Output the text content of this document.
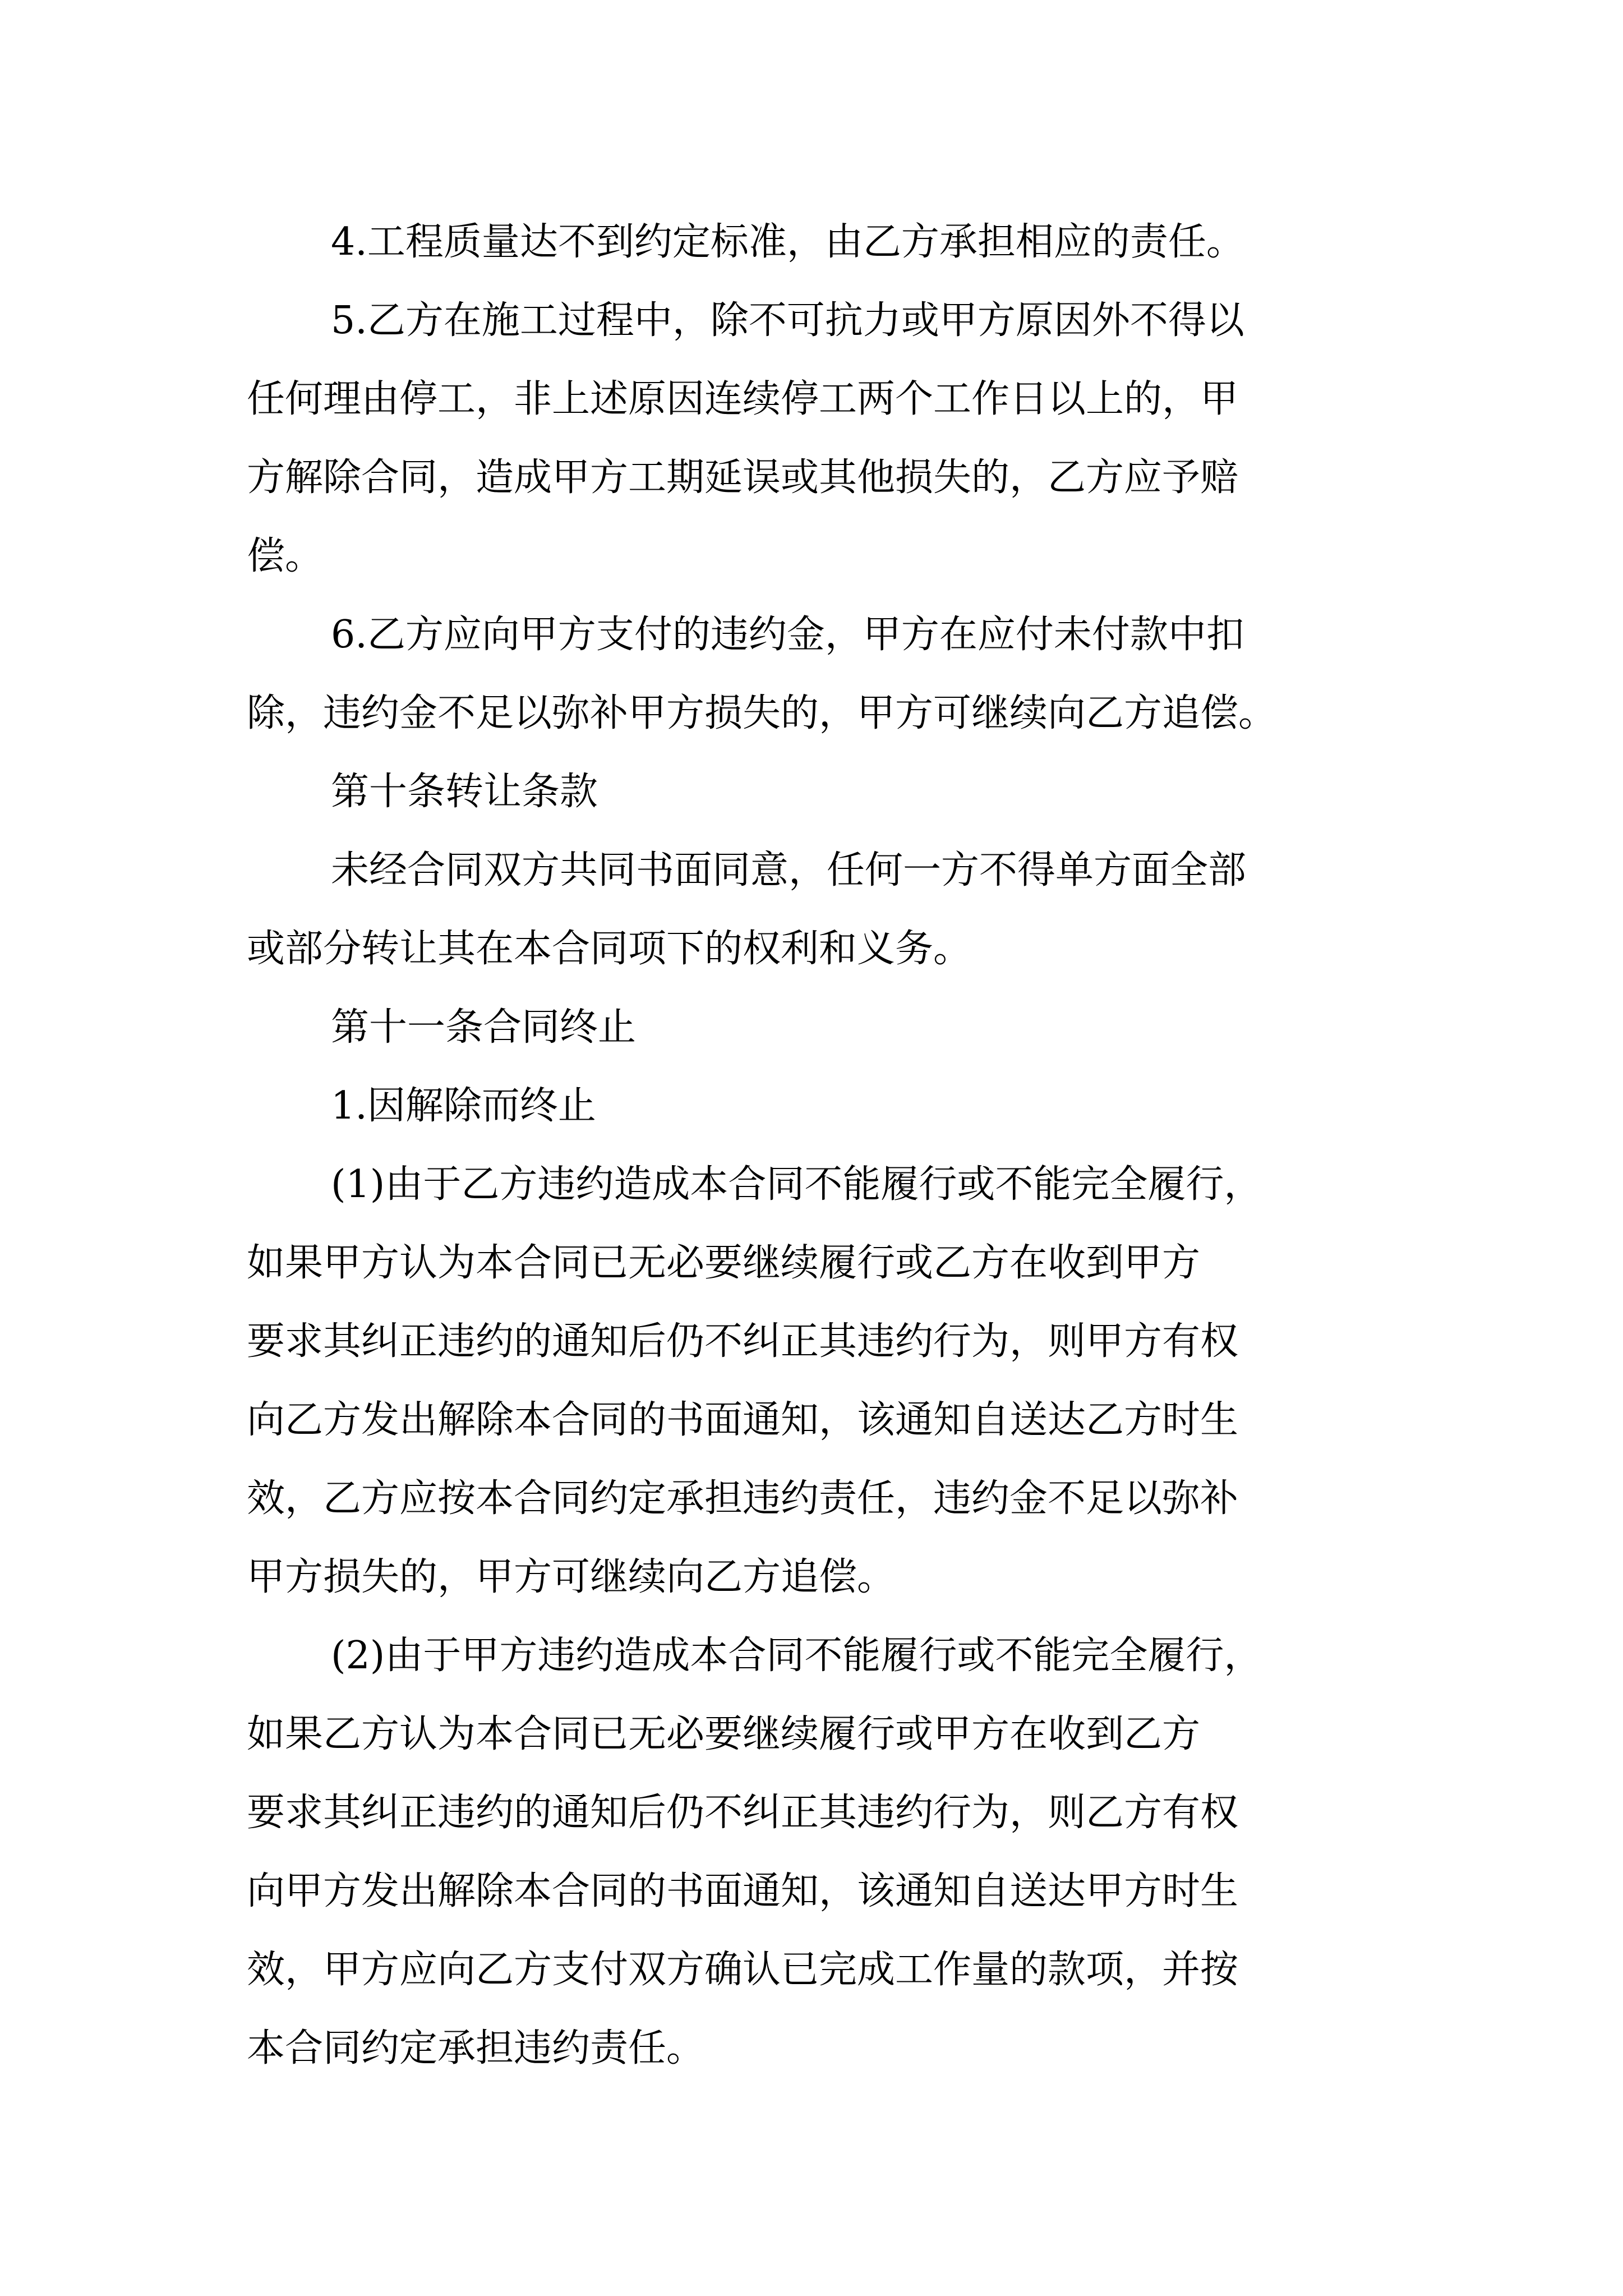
4.工程质量达不到约定标准，由乙方承担相应的责任。

5.乙方在施工过程中，除不可抗力或甲方原因外不得以

任何理由停工，非上述原因连续停工两个工作日以上的，甲

方解除合同，造成甲方工期延误或其他损失的，乙方应予赔

偿。

6.乙方应向甲方支付的违约金，甲方在应付未付款中扣

除，违约金不足以弥补甲方损失的，甲方可继续向乙方追偿。

第十条转让条款

未经合同双方共同书面同意，任何一方不得单方面全部

或部分转让其在本合同项下的权利和义务。

第十一条合同终止

1.因解除而终止

(1)由于乙方违约造成本合同不能履行或不能完全履行，

如果甲方认为本合同已无必要继续履行或乙方在收到甲方

要求其纠正违约的通知后仍不纠正其违约行为，则甲方有权

向乙方发出解除本合同的书面通知，该通知自送达乙方时生

效，乙方应按本合同约定承担违约责任，违约金不足以弥补

甲方损失的，甲方可继续向乙方追偿。

(2)由于甲方违约造成本合同不能履行或不能完全履行，

如果乙方认为本合同已无必要继续履行或甲方在收到乙方

要求其纠正违约的通知后仍不纠正其违约行为，则乙方有权

向甲方发出解除本合同的书面通知，该通知自送达甲方时生

效，甲方应向乙方支付双方确认已完成工作量的款项，并按

本合同约定承担违约责任。
